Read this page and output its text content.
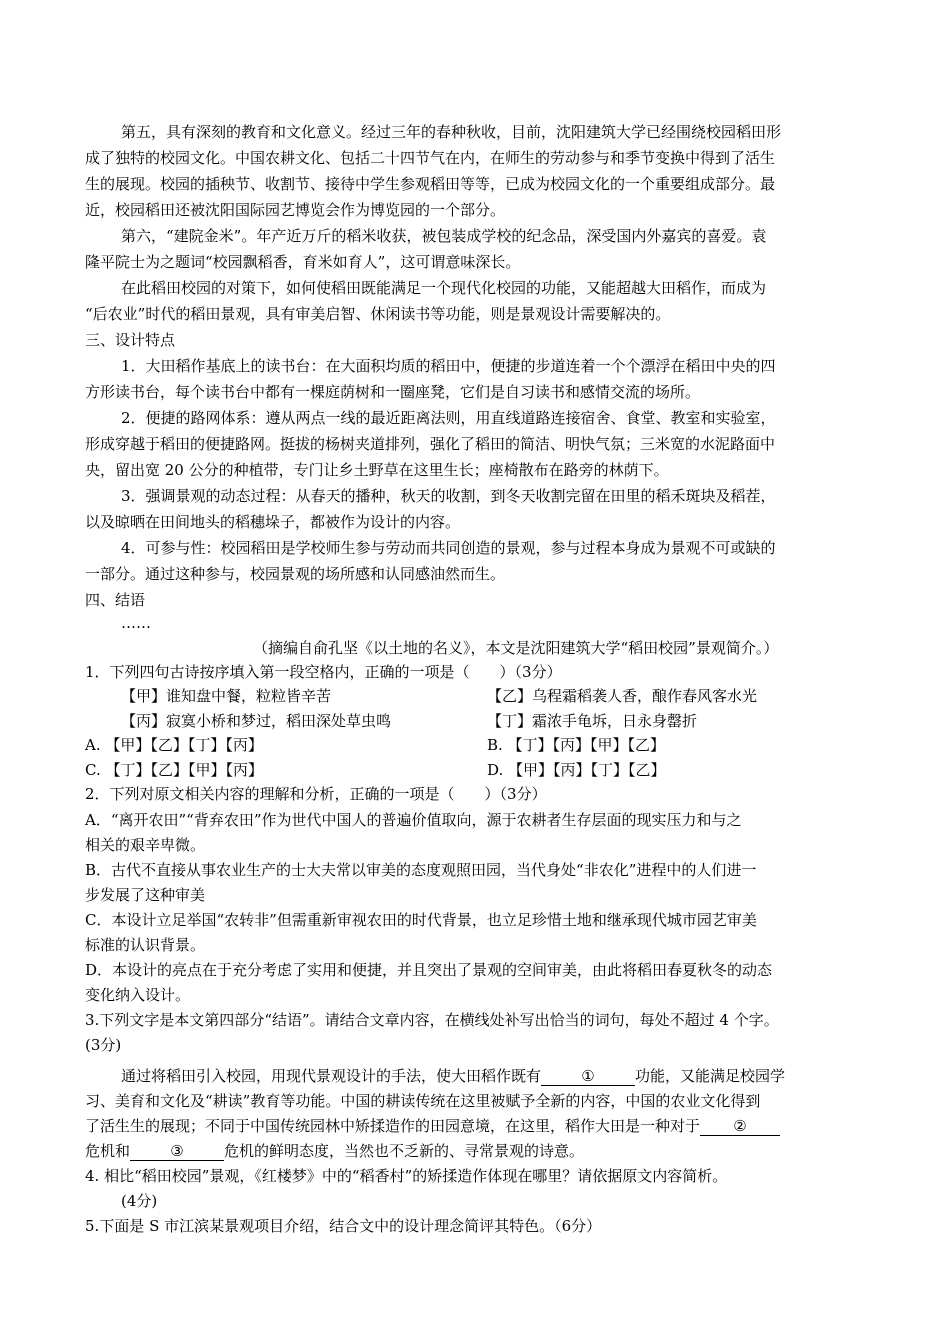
第五，具有深刻的教育和文化意义。经过三年的春种秋收，目前，沈阳建筑大学已经围绕校园稻田形
成了独特的校园文化。中国农耕文化、包括二十四节气在内，在师生的劳动参与和季节变换中得到了活生
生的展现。校园的插秧节、收割节、接待中学生参观稻田等等，已成为校园文化的一个重要组成部分。最
近，校园稻田还被沈阳国际园艺博览会作为博览园的一个部分。
第六，“建院金米”。年产近万斤的稻米收获，被包装成学校的纪念品，深受国内外嘉宾的喜爱。袁
隆平院士为之题词“校园飘稻香，育米如育人”，这可谓意味深长。
在此稻田校园的对策下，如何使稻田既能满足一个现代化校园的功能，又能超越大田稻作，而成为
“后农业”时代的稻田景观，具有审美启智、休闲读书等功能，则是景观设计需要解决的。
三、设计特点
1．大田稻作基底上的读书台：在大面积均质的稻田中，便捷的步道连着一个个漂浮在稻田中央的四
方形读书台，每个读书台中都有一棵庭荫树和一圈座凳，它们是自习读书和感情交流的场所。
2．便捷的路网体系：遵从两点一线的最近距离法则，用直线道路连接宿舍、食堂、教室和实验室，
形成穿越于稻田的便捷路网。挺拔的杨树夹道排列，强化了稻田的简洁、明快气氛；三米宽的水泥路面中
央，留出宽 20 公分的种植带，专门让乡土野草在这里生长；座椅散布在路旁的林荫下。
3．强调景观的动态过程：从春天的播种，秋天的收割，到冬天收割完留在田里的稻禾斑块及稻茬，
以及晾晒在田间地头的稻穗垛子，都被作为设计的内容。
4．可参与性：校园稻田是学校师生参与劳动而共同创造的景观，参与过程本身成为景观不可或缺的
一部分。通过这种参与，校园景观的场所感和认同感油然而生。
四、结语
……
（摘编自俞孔坚《以土地的名义》，本文是沈阳建筑大学“稻田校园”景观简介。）
1．下列四句古诗按序填入第一段空格内，正确的一项是（　　）（3分）
【甲】谁知盘中餐，粒粒皆辛苦	【乙】乌程霜稻袭人香，酿作春风客水光
【丙】寂寞小桥和梦过，稻田深处草虫鸣	【丁】霜浓手龟坼，日永身罄折
A. 【甲】【乙】【丁】【丙】	B. 【丁】【丙】【甲】【乙】
C. 【丁】【乙】【甲】【丙】	D. 【甲】【丙】【丁】【乙】
2．下列对原文相关内容的理解和分析，正确的一项是（　　）（3分）
A．“离开农田”“背弃农田”作为世代中国人的普遍价值取向，源于农耕者生存层面的现实压力和与之
相关的艰辛卑微。
B．古代不直接从事农业生产的士大夫常以审美的态度观照田园，当代身处“非农化”进程中的人们进一
步发展了这种审美
C．本设计立足举国“农转非”但需重新审视农田的时代背景，也立足珍惜土地和继承现代城市园艺审美
标准的认识背景。
D．本设计的亮点在于充分考虑了实用和便捷，并且突出了景观的空间审美，由此将稻田春夏秋冬的动态
变化纳入设计。
3.下列文字是本文第四部分“结语”。请结合文章内容，在横线处补写出恰当的词句，每处不超过 4 个字。
(3分)
通过将稻田引入校园，用现代景观设计的手法，使大田稻作既有	①	功能，又能满足校园学
习、美育和文化及“耕读”教育等功能。中国的耕读传统在这里被赋予全新的内容，中国的农业文化得到
了活生生的展现；不同于中国传统园林中矫揉造作的田园意境，在这里，稻作大田是一种对于 ②
危机和	③	危机的鲜明态度，当然也不乏新的、寻常景观的诗意。
4. 相比“稻田校园”景观，《红楼梦》中的“稻香村”的矫揉造作体现在哪里？请依据原文内容简析。
(4分)
5.下面是 S 市江滨某景观项目介绍，结合文中的设计理念简评其特色。（6分）
